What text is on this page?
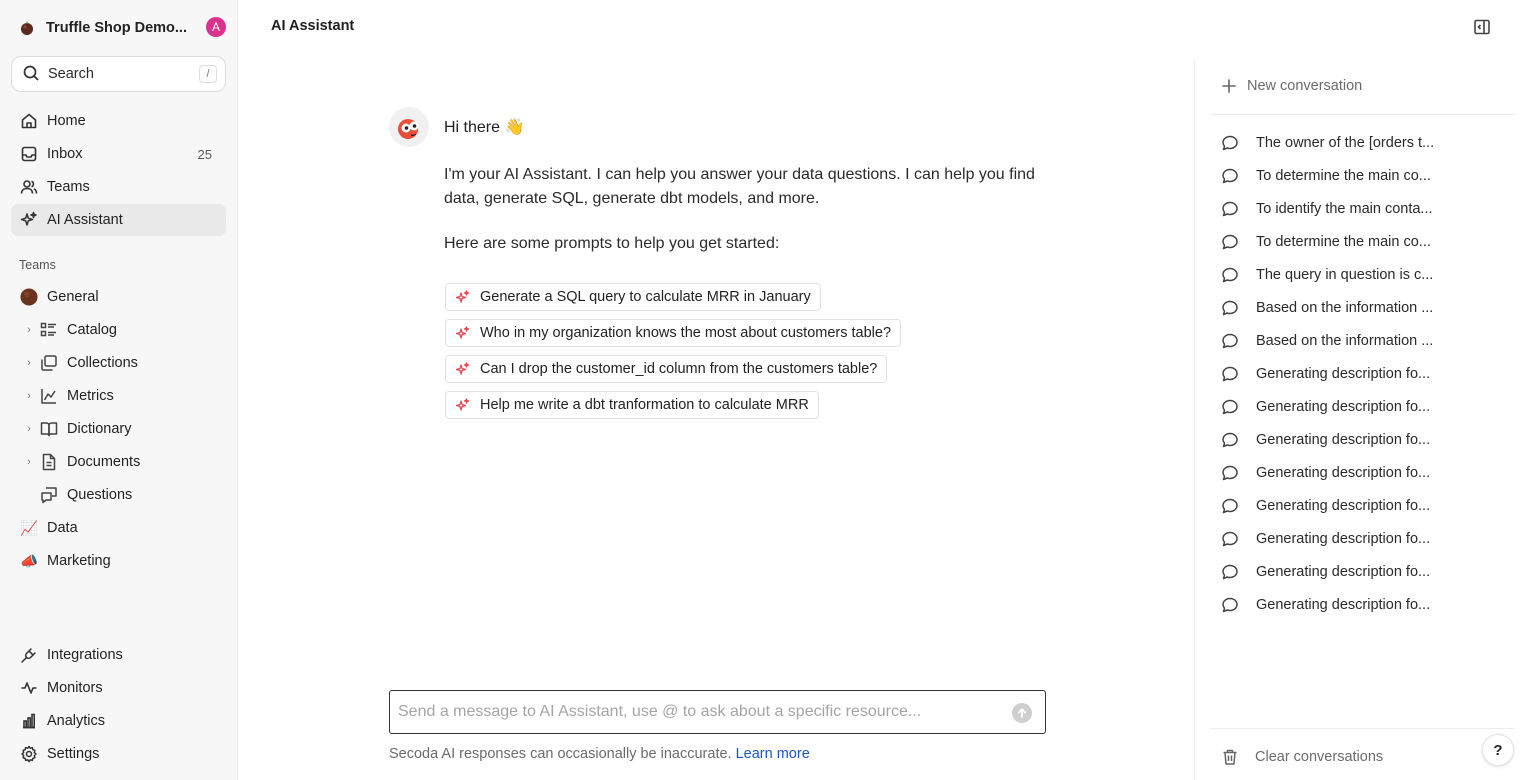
Truffle Shop Demo...	A
Search
/
Home
Inbox	25
Teams
AI Assistant
Teams
General
› Catalog
› Collections
› Metrics
› Dictionary
› Documents
Questions
📈 Data
📣 Marketing
Integrations
Monitors
Analytics
Settings
AI Assistant
Hi there 👋
I'm your AI Assistant. I can help you answer your data questions. I can help you find data, generate SQL, generate dbt models, and more.
Here are some prompts to help you get started:
Generate a SQL query to calculate MRR in January
Who in my organization knows the most about customers table?
Can I drop the customer_id column from the customers table?
Help me write a dbt tranformation to calculate MRR
Send a message to AI Assistant, use @ to ask about a specific resource...
Secoda AI responses can occasionally be inaccurate. Learn more
New conversation
The owner of the [orders t...
To determine the main co...
To identify the main conta...
To determine the main co...
The query in question is c...
Based on the information ...
Based on the information ...
Generating description fo...
Generating description fo...
Generating description fo...
Generating description fo...
Generating description fo...
Generating description fo...
Generating description fo...
Generating description fo...
Clear conversations	?
